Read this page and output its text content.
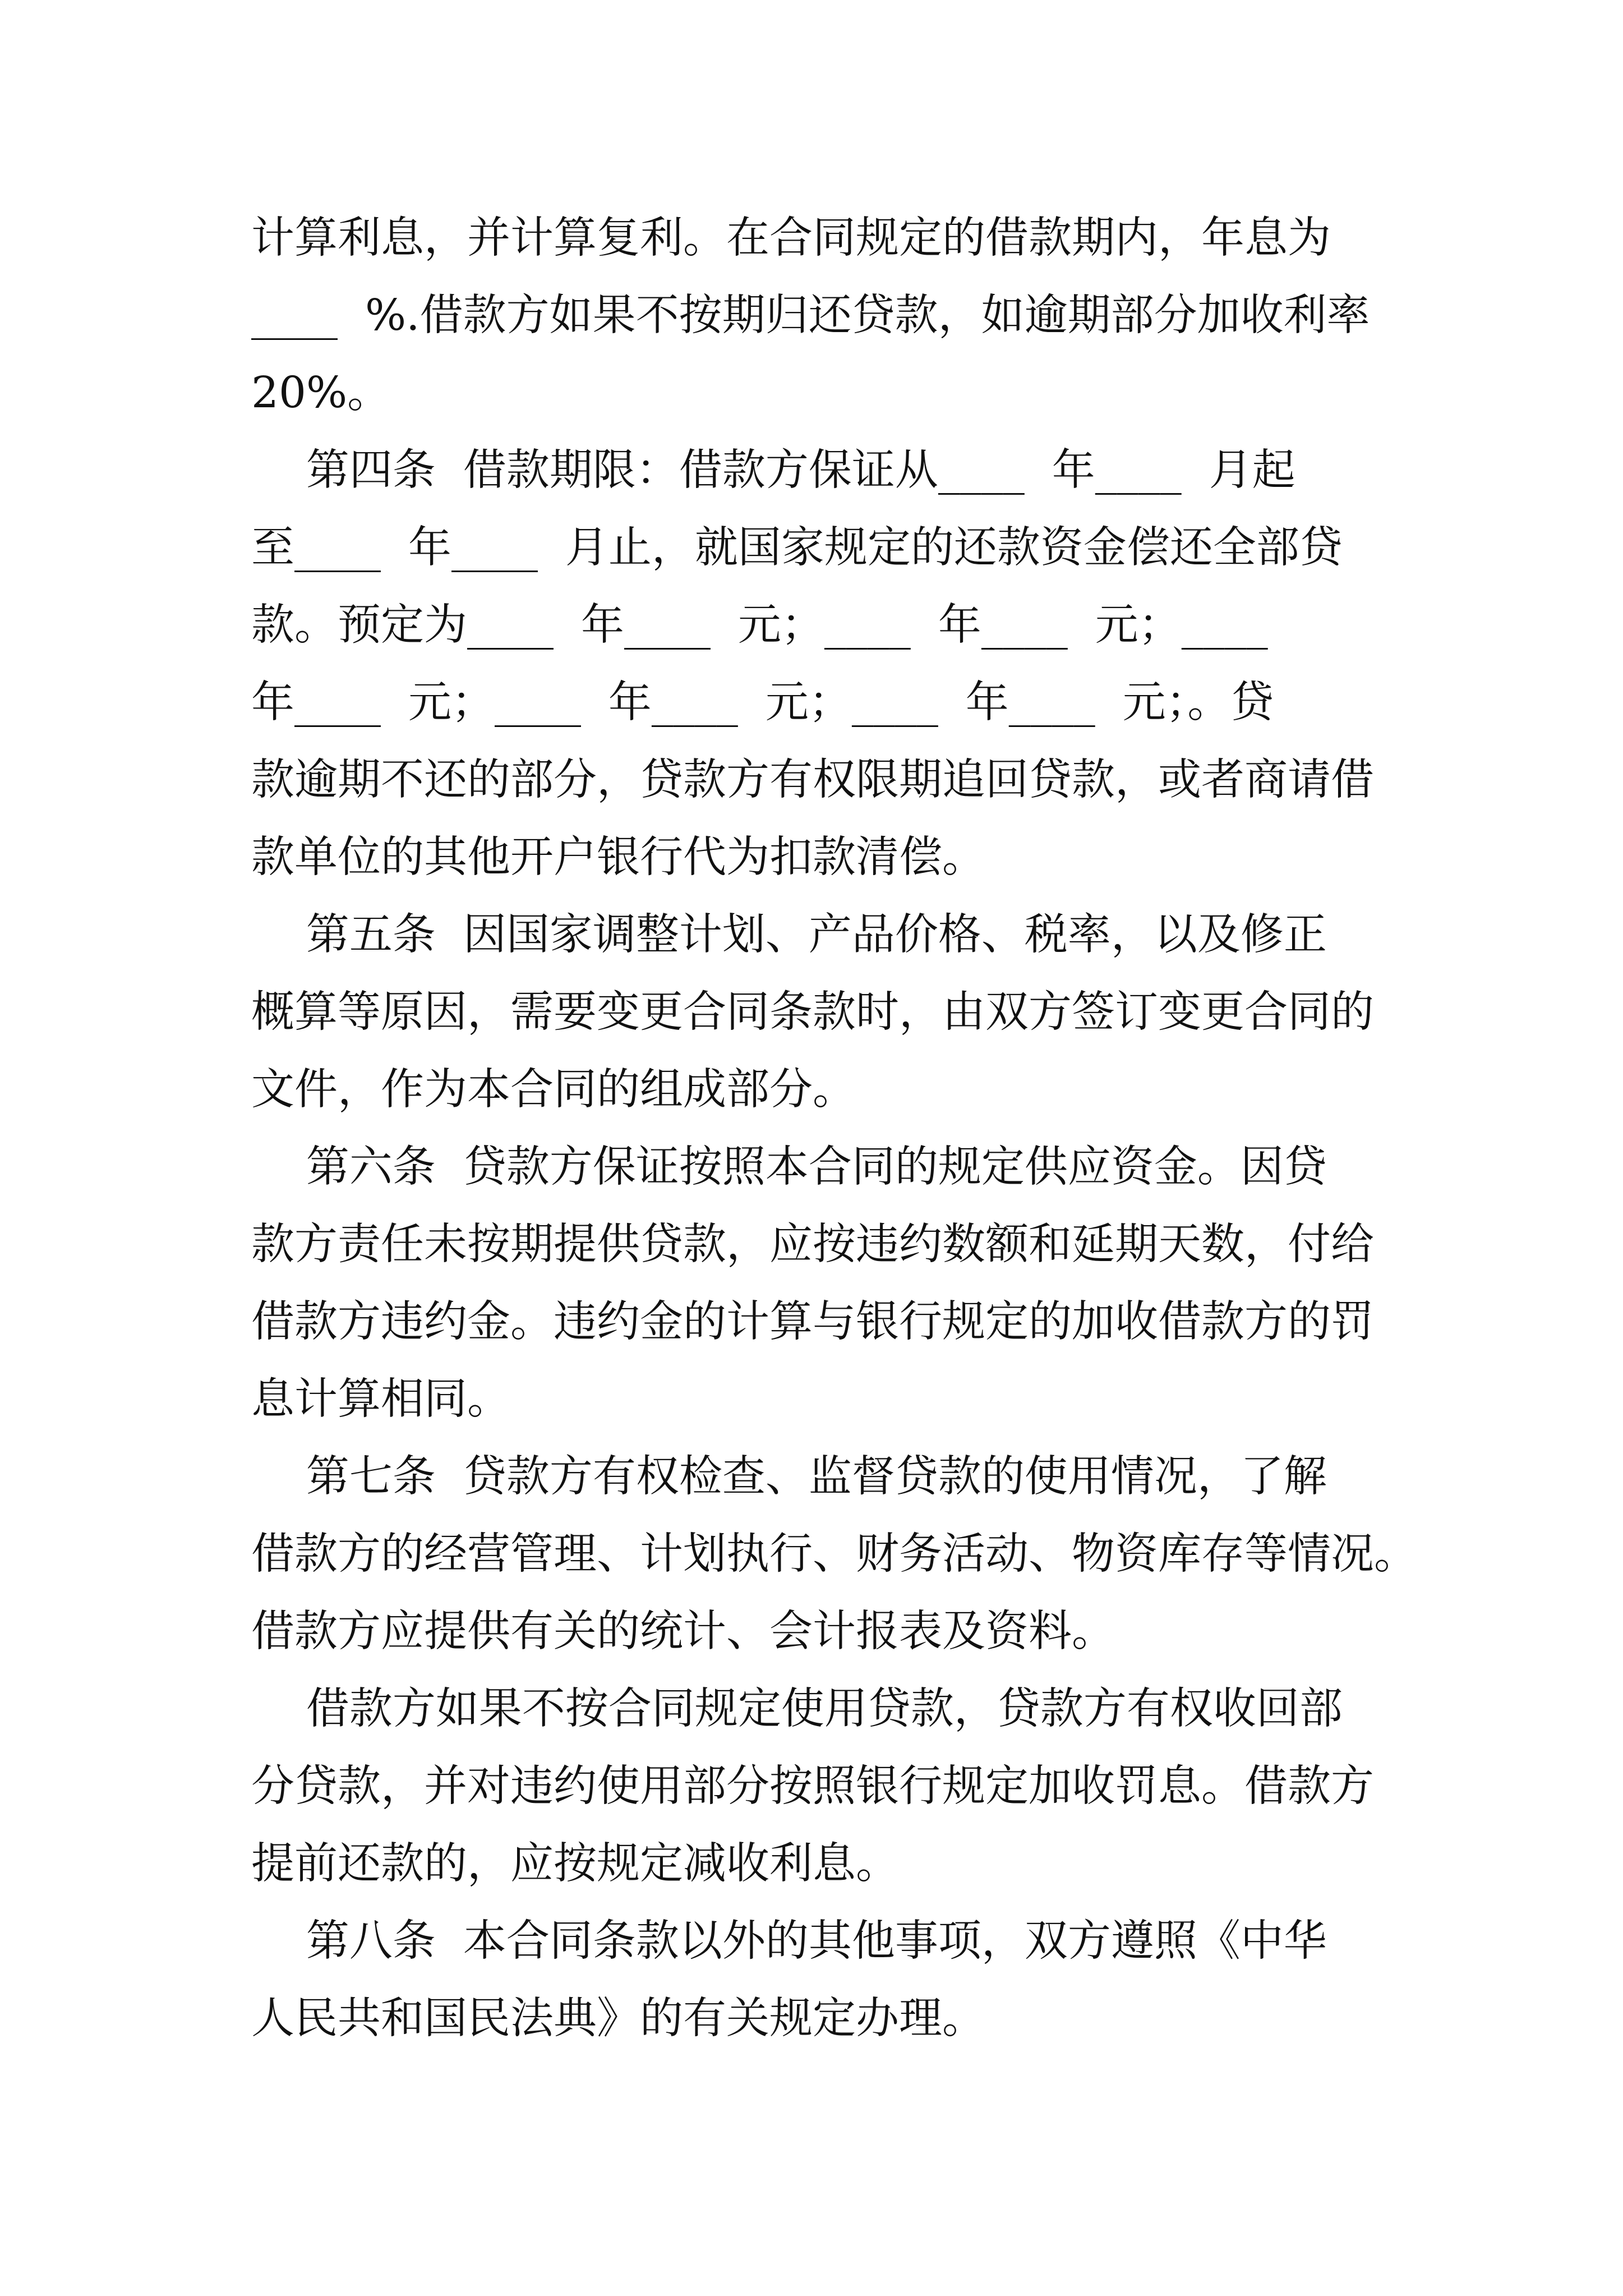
计算利息，并计算复利。在合同规定的借款期内，年息为
____  %.借款方如果不按期归还贷款，如逾期部分加收利率
20%。
第四条  借款期限：借款方保证从____  年____  月起
至____  年____  月止，就国家规定的还款资金偿还全部贷
款。预定为____  年____  元；____  年____  元；____
年____  元；____  年____  元；____  年____  元；。贷
款逾期不还的部分，贷款方有权限期追回贷款，或者商请借
款单位的其他开户银行代为扣款清偿。
第五条  因国家调整计划、产品价格、税率，以及修正
概算等原因，需要变更合同条款时，由双方签订变更合同的
文件，作为本合同的组成部分。
第六条  贷款方保证按照本合同的规定供应资金。因贷
款方责任未按期提供贷款，应按违约数额和延期天数，付给
借款方违约金。违约金的计算与银行规定的加收借款方的罚
息计算相同。
第七条  贷款方有权检查、监督贷款的使用情况，了解
借款方的经营管理、计划执行、财务活动、物资库存等情况。
借款方应提供有关的统计、会计报表及资料。
借款方如果不按合同规定使用贷款，贷款方有权收回部
分贷款，并对违约使用部分按照银行规定加收罚息。借款方
提前还款的，应按规定减收利息。
第八条  本合同条款以外的其他事项，双方遵照《中华
人民共和国民法典》的有关规定办理。
